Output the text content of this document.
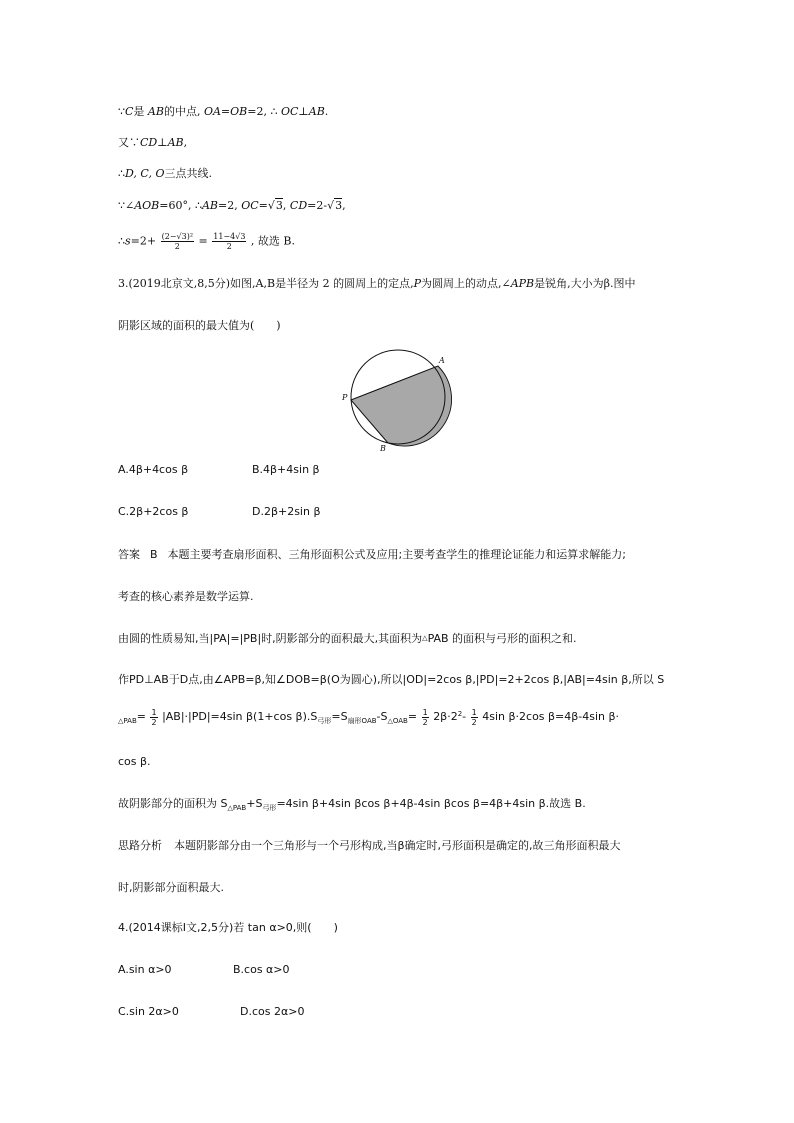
∵C是 AB的中点, OA=OB=2, ∴ OC⊥AB.
又∵CD⊥AB,
∴D, C, O三点共线.
∵∠AOB=60°, ∴AB=2, OC=√3, CD=2-√3,
∴s=2+ $\frac{\text{(2−√3)²}}{2} = \frac{11-4√3}{2}$ , 故选 B.
3.(2019北京文,8,5分)如图,A,B是半径为 2 的圆周上的定点,P为圆周上的动点,∠APB是锐角,大小为β.图中
阴影区域的面积的最大值为(　　)
A
P
B
A.4β+4cos β	B.4β+4sin β
C.2β+2cos β	D.2β+2sin β
答案 B 本题主要考查扇形面积、三角形面积公式及应用;主要考查学生的推理论证能力和运算求解能力;
考查的核心素养是数学运算.
由圆的性质易知,当|PA|=|PB|时,阴影部分的面积最大,其面积为△PAB 的面积与弓形的面积之和.
作PD⊥AB于D点,由∠APB=β,知∠DOB=β(O为圆心),所以|OD|=2cos β,|PD|=2+2cos β,|AB|=4sin β,所以 S
$_{\triangle PAB}= \frac{1}{2} |AB|\cdot|PD|=4\sin$ β(1+cos $\beta).S_{弓形}=S_{扇形OAB}-S_{\triangle OAB}= \frac{1}{2} 2\beta\cdot 2^2- \frac{1}{2} 4\sin$ β·2cos β=4β-4sin β·
cos β.
故阴影部分的面积为 $S_{\triangle PAB}+S_{弓形}=4\sin$ β+4sin βcos β+4β-4sin βcos β=4β+4sin β.故选 B.
思路分析 本题阴影部分由一个三角形与一个弓形构成,当β确定时,弓形面积是确定的,故三角形面积最大
时,阴影部分面积最大.
4.(2014课标Ⅰ文,2,5分)若 tan α>0,则(　　)
A.sin α>0	B.cos α>0
C.sin 2α>0	D.cos 2α>0
